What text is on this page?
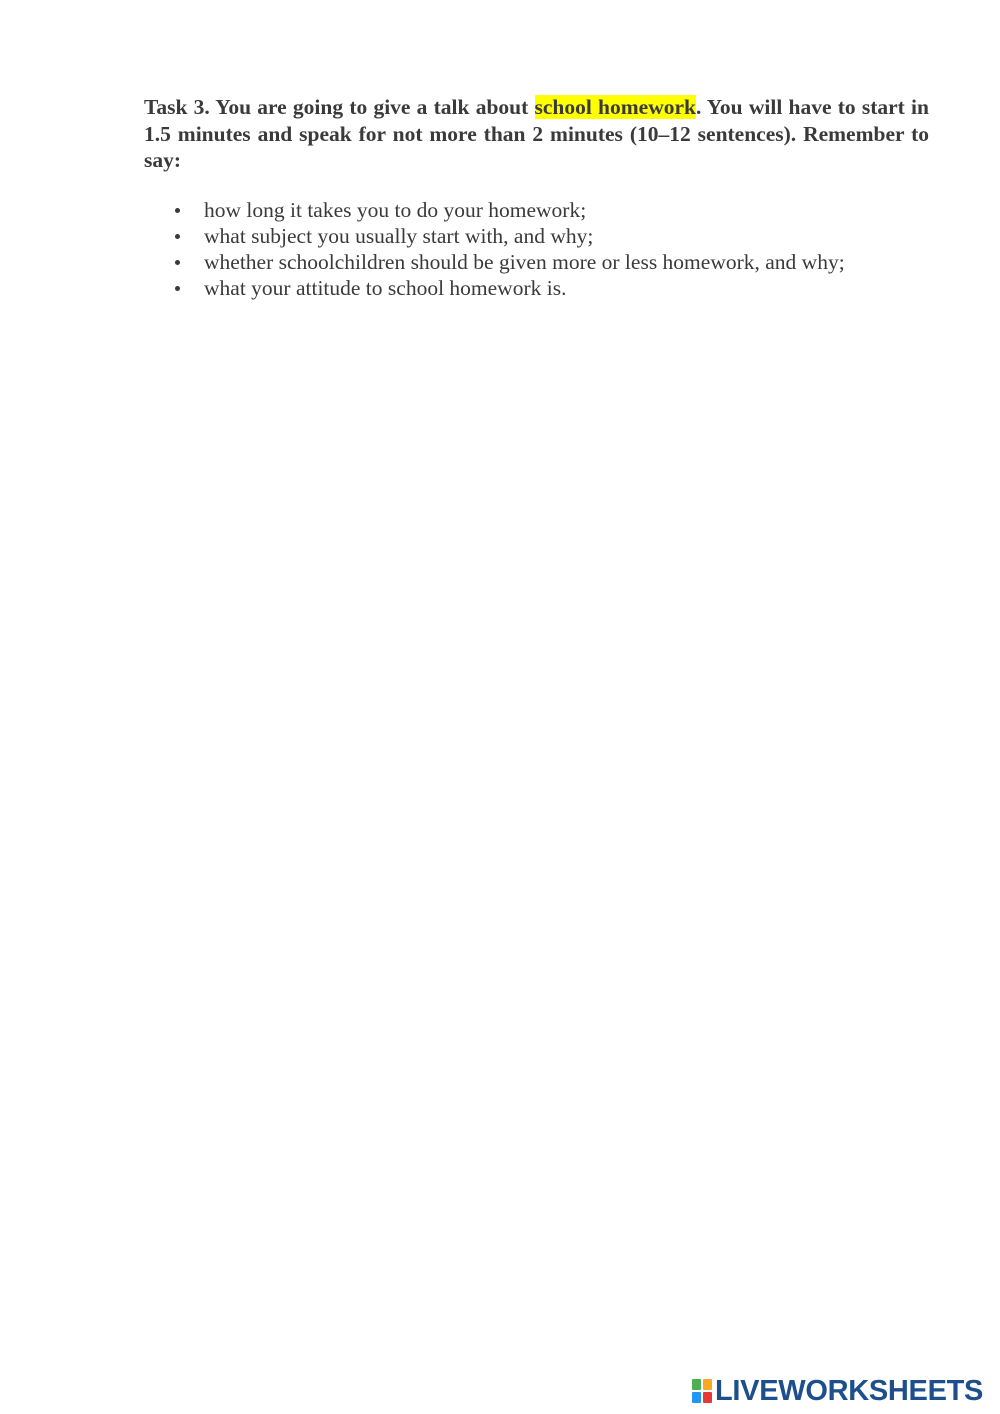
Task 3. You are going to give a talk about school homework. You will have to start in 1.5 minutes and speak for not more than 2 minutes (10–12 sentences). Remember to say:

how long it takes you to do your homework;
what subject you usually start with, and why;
whether schoolchildren should be given more or less homework, and why;
what your attitude to school homework is.
LIVEWORKSHEETS
